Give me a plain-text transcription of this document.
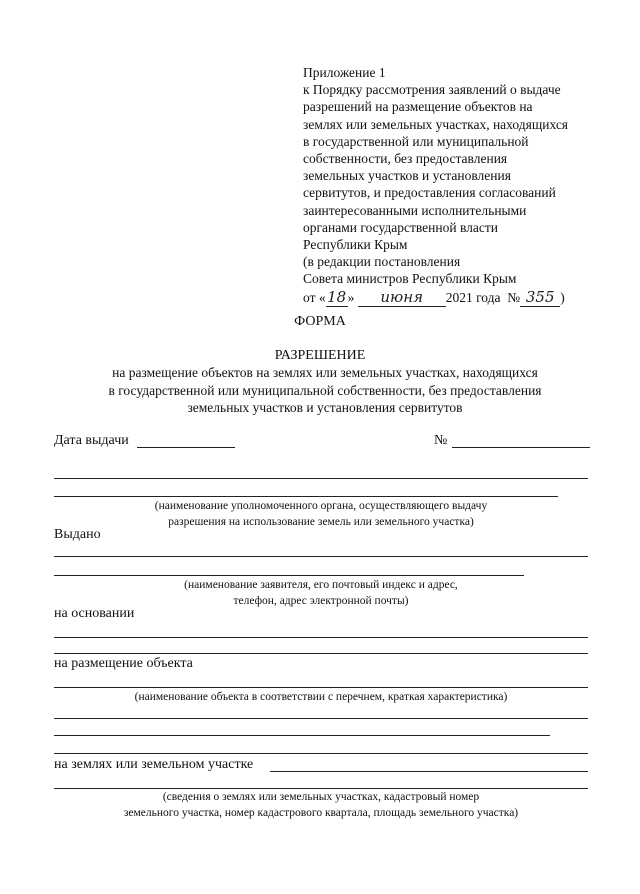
Приложение 1
к Порядку рассмотрения заявлений о выдаче
разрешений на размещение объектов на
землях или земельных участках, находящихся
в государственной или муниципальной
собственности, без предоставления
земельных участков и установления
сервитутов, и предоставления согласований
заинтересованными исполнительными
органами государственной власти
Республики Крым
(в редакции постановления
Совета министров Республики Крым
от «18» июня 2021 года № 355 )
ФОРМА
РАЗРЕШЕНИЕ
на размещение объектов на землях или земельных участках, находящихся
в государственной или муниципальной собственности, без предоставления
земельных участков и установления сервитутов
Дата выдачи	№
(наименование уполномоченного органа, осуществляющего выдачу
разрешения на использование земель или земельного участка)
Выдано
(наименование заявителя, его почтовый индекс и адрес,
телефон, адрес электронной почты)
на основании
на размещение объекта
(наименование объекта в соответствии с перечнем, краткая характеристика)
на землях или земельном участке
(сведения о землях или земельных участках, кадастровый номер
земельного участка, номер кадастрового квартала, площадь земельного участка)
